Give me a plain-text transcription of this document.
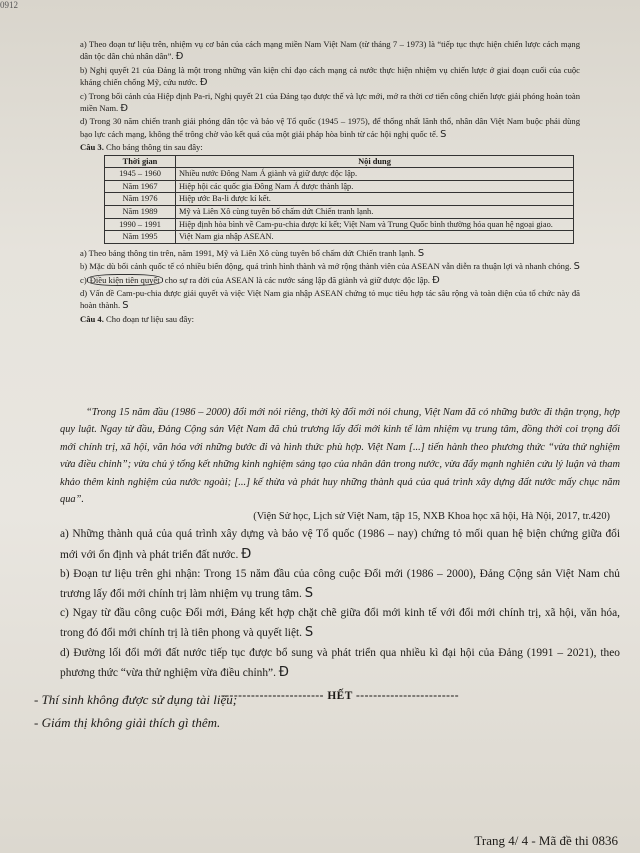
0912

a) Theo đoạn tư liệu trên, nhiệm vụ cơ bản của cách mạng miền Nam Việt Nam (từ tháng 7 – 1973) là “tiếp tục thực hiện chiến lược cách mạng dân tộc dân chủ nhân dân”. Đ

b) Nghị quyết 21 của Đảng là một trong những văn kiện chỉ đạo cách mạng cả nước thực hiện nhiệm vụ chiến lược ở giai đoạn cuối của cuộc kháng chiến chống Mỹ, cứu nước. Đ

c) Trong bối cảnh của Hiệp định Pa-ri, Nghị quyết 21 của Đảng tạo được thế và lực mới, mở ra thời cơ tiến công chiến lược giải phóng hoàn toàn miền Nam. Đ

d) Trong 30 năm chiến tranh giải phóng dân tộc và bảo vệ Tổ quốc (1945 – 1975), để thống nhất lãnh thổ, nhân dân Việt Nam buộc phải dùng bạo lực cách mạng, không thể trông chờ vào kết quả của một giải pháp hòa bình từ các hội nghị quốc tế. S

Câu 3. Cho bảng thông tin sau đây:

Thời gian	Nội dung
1945 – 1960	Nhiều nước Đông Nam Á giành và giữ được độc lập.
Năm 1967	Hiệp hội các quốc gia Đông Nam Á được thành lập.
Năm 1976	Hiệp ước Ba-li được kí kết.
Năm 1989	Mỹ và Liên Xô cùng tuyên bố chấm dứt Chiến tranh lạnh.
1990 – 1991	Hiệp định hòa bình về Cam-pu-chia được kí kết; Việt Nam và Trung Quốc bình thường hóa quan hệ ngoại giao.
Năm 1995	Việt Nam gia nhập ASEAN.

a) Theo bảng thông tin trên, năm 1991, Mỹ và Liên Xô cùng tuyên bố chấm dứt Chiến tranh lạnh. S

b) Mặc dù bối cảnh quốc tế có nhiều biến động, quá trình hình thành và mở rộng thành viên của ASEAN vẫn diễn ra thuận lợi và nhanh chóng. S

c) Điều kiện tiên quyết cho sự ra đời của ASEAN là các nước sáng lập đã giành và giữ được độc lập. Đ

d) Vấn đề Cam-pu-chia được giải quyết và việc Việt Nam gia nhập ASEAN chứng tỏ mục tiêu hợp tác sâu rộng và toàn diện của tổ chức này đã hoàn thành. S

Câu 4. Cho đoạn tư liệu sau đây:

“Trong 15 năm đầu (1986 – 2000) đổi mới nói riêng, thời kỳ đổi mới nói chung, Việt Nam đã có những bước đi thận trọng, hợp quy luật. Ngay từ đầu, Đảng Cộng sản Việt Nam đã chủ trương lấy đổi mới kinh tế làm nhiệm vụ trung tâm, đồng thời coi trọng đổi mới chính trị, xã hội, văn hóa với những bước đi và hình thức phù hợp. Việt Nam [...] tiến hành theo phương thức “vừa thử nghiệm vừa điều chỉnh”; vừa chủ ý tổng kết những kinh nghiệm sáng tạo của nhân dân trong nước, vừa đẩy mạnh nghiên cứu lý luận và tham khảo thêm kinh nghiệm của nước ngoài; [...] kế thừa và phát huy những thành quả của quá trình xây dựng đất nước mấy chục năm qua”.

(Viện Sử học, Lịch sử Việt Nam, tập 15, NXB Khoa học xã hội, Hà Nội, 2017, tr.420)

a) Những thành quả của quá trình xây dựng và bảo vệ Tổ quốc (1986 – nay) chứng tỏ mối quan hệ biện chứng giữa đổi mới với ổn định và phát triển đất nước. Đ

b) Đoạn tư liệu trên ghi nhận: Trong 15 năm đầu của công cuộc Đổi mới (1986 – 2000), Đảng Cộng sản Việt Nam chủ trương lấy đổi mới chính trị làm nhiệm vụ trung tâm. S

c) Ngay từ đầu công cuộc Đổi mới, Đảng kết hợp chặt chẽ giữa đổi mới kinh tế với đổi mới chính trị, xã hội, văn hóa, trong đó đổi mới chính trị là tiên phong và quyết liệt. S

d) Đường lối đổi mới đất nước tiếp tục được bổ sung và phát triển qua nhiều kì đại hội của Đảng (1991 – 2021), theo phương thức “vừa thử nghiệm vừa điều chỉnh”. Đ

------------------------ HẾT ------------------------

- Thí sinh không được sử dụng tài liệu;
- Giám thị không giải thích gì thêm.
Trang 4/ 4 - Mã đề thi 0836
